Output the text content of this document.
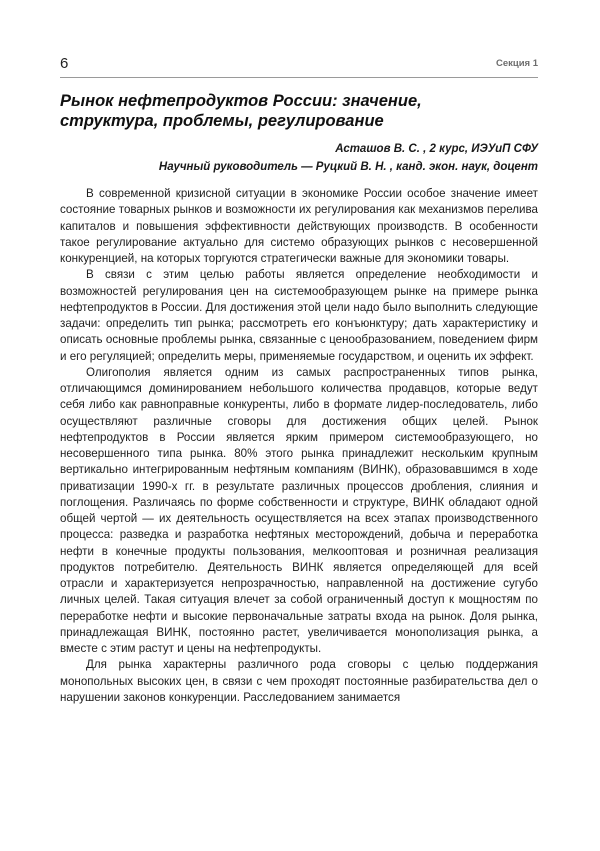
6	Секция 1
Рынок нефтепродуктов России: значение, структура, проблемы, регулирование
Асташов В. С. , 2 курс, ИЭУиП СФУ
Научный руководитель — Руцкий В. Н. , канд. экон. наук, доцент

В современной кризисной ситуации в экономике России особое значение имеет состояние товарных рынков и возможности их регулирования как механизмов перелива капиталов и повышения эффективности действующих производств. В особенности такое регулирование актуально для системо образующих рынков с несовершенной конкуренцией, на которых торгуются стратегически важные для экономики товары.

В связи с этим целью работы является определение необходимости и возможностей регулирования цен на системообразующем рынке на примере рынка нефтепродуктов в России. Для достижения этой цели надо было выполнить следующие задачи: определить тип рынка; рассмотреть его конъюнктуру; дать характеристику и описать основные проблемы рынка, связанные с ценообразованием, поведением фирм и его регуляцией; определить меры, применяемые государством, и оценить их эффект.

Олигополия является одним из самых распространенных типов рынка, отличающимся доминированием небольшого количества продавцов, которые ведут себя либо как равноправные конкуренты, либо в формате лидер-последователь, либо осуществляют различные сговоры для достижения общих целей. Рынок нефтепродуктов в России является ярким примером системообразующего, но несовершенного типа рынка. 80% этого рынка принадлежит нескольким крупным вертикально интегрированным нефтяным компаниям (ВИНК), образовавшимся в ходе приватизации 1990-х гг. в результате различных процессов дробления, слияния и поглощения. Различаясь по форме собственности и структуре, ВИНК обладают одной общей чертой — их деятельность осуществляется на всех этапах производственного процесса: разведка и разработка нефтяных месторождений, добыча и переработка нефти в конечные продукты пользования, мелкооптовая и розничная реализация продуктов потребителю. Деятельность ВИНК является определяющей для всей отрасли и характеризуется непрозрачностью, направленной на достижение сугубо личных целей. Такая ситуация влечет за собой ограниченный доступ к мощностям по переработке нефти и высокие первоначальные затраты входа на рынок. Доля рынка, принадлежащая ВИНК, постоянно растет, увеличивается монополизация рынка, а вместе с этим растут и цены на нефтепродукты.

Для рынка характерны различного рода сговоры с целью поддержания монопольных высоких цен, в связи с чем проходят постоянные разбирательства дел о нарушении законов конкуренции. Расследованием занимается
